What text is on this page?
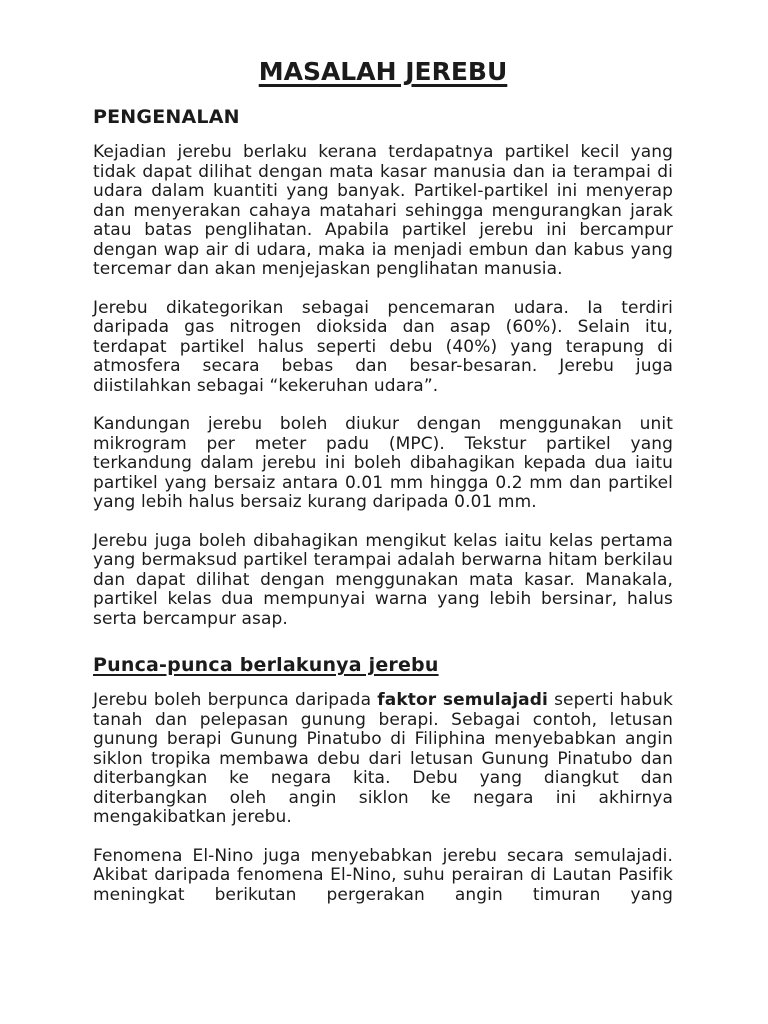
MASALAH JEREBU
PENGENALAN

Kejadian jerebu berlaku kerana terdapatnya partikel kecil yang tidak dapat dilihat dengan mata kasar manusia dan ia terampai di udara dalam kuantiti yang banyak. Partikel-partikel ini menyerap dan menyerakan cahaya matahari sehingga mengurangkan jarak atau batas penglihatan. Apabila partikel jerebu ini bercampur dengan wap air di udara, maka ia menjadi embun dan kabus yang tercemar dan akan menjejaskan penglihatan manusia.

Jerebu dikategorikan sebagai pencemaran udara. Ia terdiri daripada gas nitrogen dioksida dan asap (60%). Selain itu, terdapat partikel halus seperti debu (40%) yang terapung di atmosfera secara bebas dan besar-besaran. Jerebu juga diistilahkan sebagai “kekeruhan udara”.

Kandungan jerebu boleh diukur dengan menggunakan unit mikrogram per meter padu (MPC). Tekstur partikel yang terkandung dalam jerebu ini boleh dibahagikan kepada dua iaitu partikel yang bersaiz antara 0.01 mm hingga 0.2 mm dan partikel yang lebih halus bersaiz kurang daripada 0.01 mm.

Jerebu juga boleh dibahagikan mengikut kelas iaitu kelas pertama yang bermaksud partikel terampai adalah berwarna hitam berkilau dan dapat dilihat dengan menggunakan mata kasar. Manakala, partikel kelas dua mempunyai warna yang lebih bersinar, halus serta bercampur asap.

Punca-punca berlakunya jerebu

Jerebu boleh berpunca daripada faktor semulajadi seperti habuk tanah dan pelepasan gunung berapi. Sebagai contoh, letusan gunung berapi Gunung Pinatubo di Filiphina menyebabkan angin siklon tropika membawa debu dari letusan Gunung Pinatubo dan diterbangkan ke negara kita. Debu yang diangkut dan diterbangkan oleh angin siklon ke negara ini akhirnya mengakibatkan jerebu.

Fenomena El-Nino juga menyebabkan jerebu secara semulajadi. Akibat daripada fenomena El-Nino, suhu perairan di Lautan Pasifik meningkat berikutan pergerakan angin timuran yang
